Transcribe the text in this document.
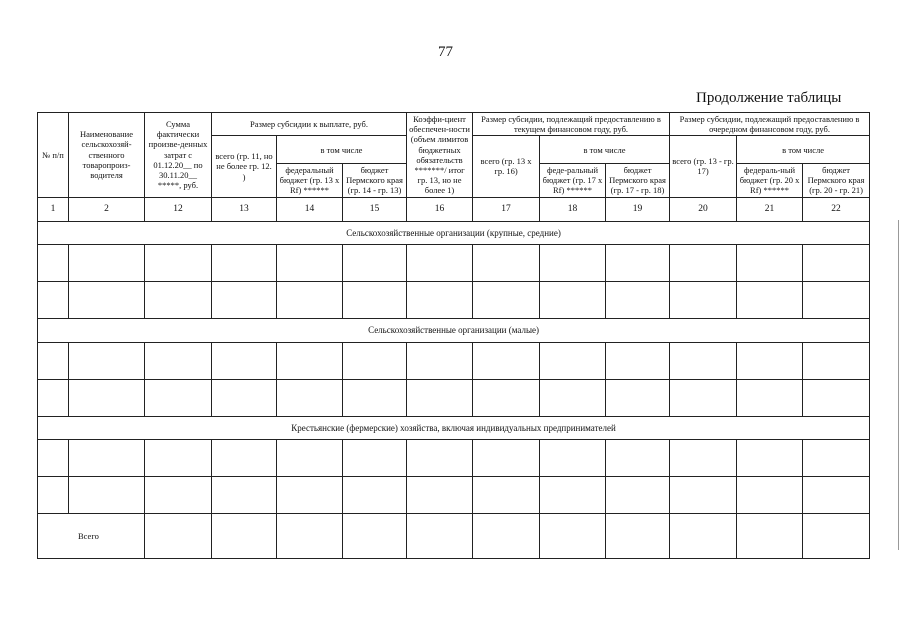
77
Продолжение таблицы
№ п/п	Наименование сельскохозяй-ственного товаропроиз-водителя	Сумма фактически произве-денных затрат с 01.12.20__ по 30.11.20__ *****, руб.	Размер субсидии к выплате, руб.			Коэффи-циент обеспечен-ности (объем лимитов бюджетных обязательств *******/ итог гр. 13, но не более 1)	Размер субсидии, подлежащий предоставлению в текущем финансовом году, руб.			Размер субсидии, подлежащий предоставлению в очередном финансовом году, руб.		
			всего (гр. 11, но не более гр. 12. )	в том числе			всего (гр. 13 х гр. 16)	в том числе		всего (гр. 13 - гр. 17)	в том числе	
				федеральный бюджет (гр. 13 x Rf) ******	бюджет Пермского края (гр. 14 - гр. 13)			феде-ральный бюджет (гр. 17 x Rf) ******	бюджет Пермского края (гр. 17 - гр. 18)		федераль-ный бюджет (гр. 20 x Rf) ******	бюджет Пермского края (гр. 20 - гр. 21)
1	2	12	13	14	15	16	17	18	19	20	21	22
Сельскохозяйственные организации (крупные, средние)												

Сельскохозяйственные организации (малые)												

Крестьянские (фермерские) хозяйства, включая индивидуальных предпринимателей												

Всего												
